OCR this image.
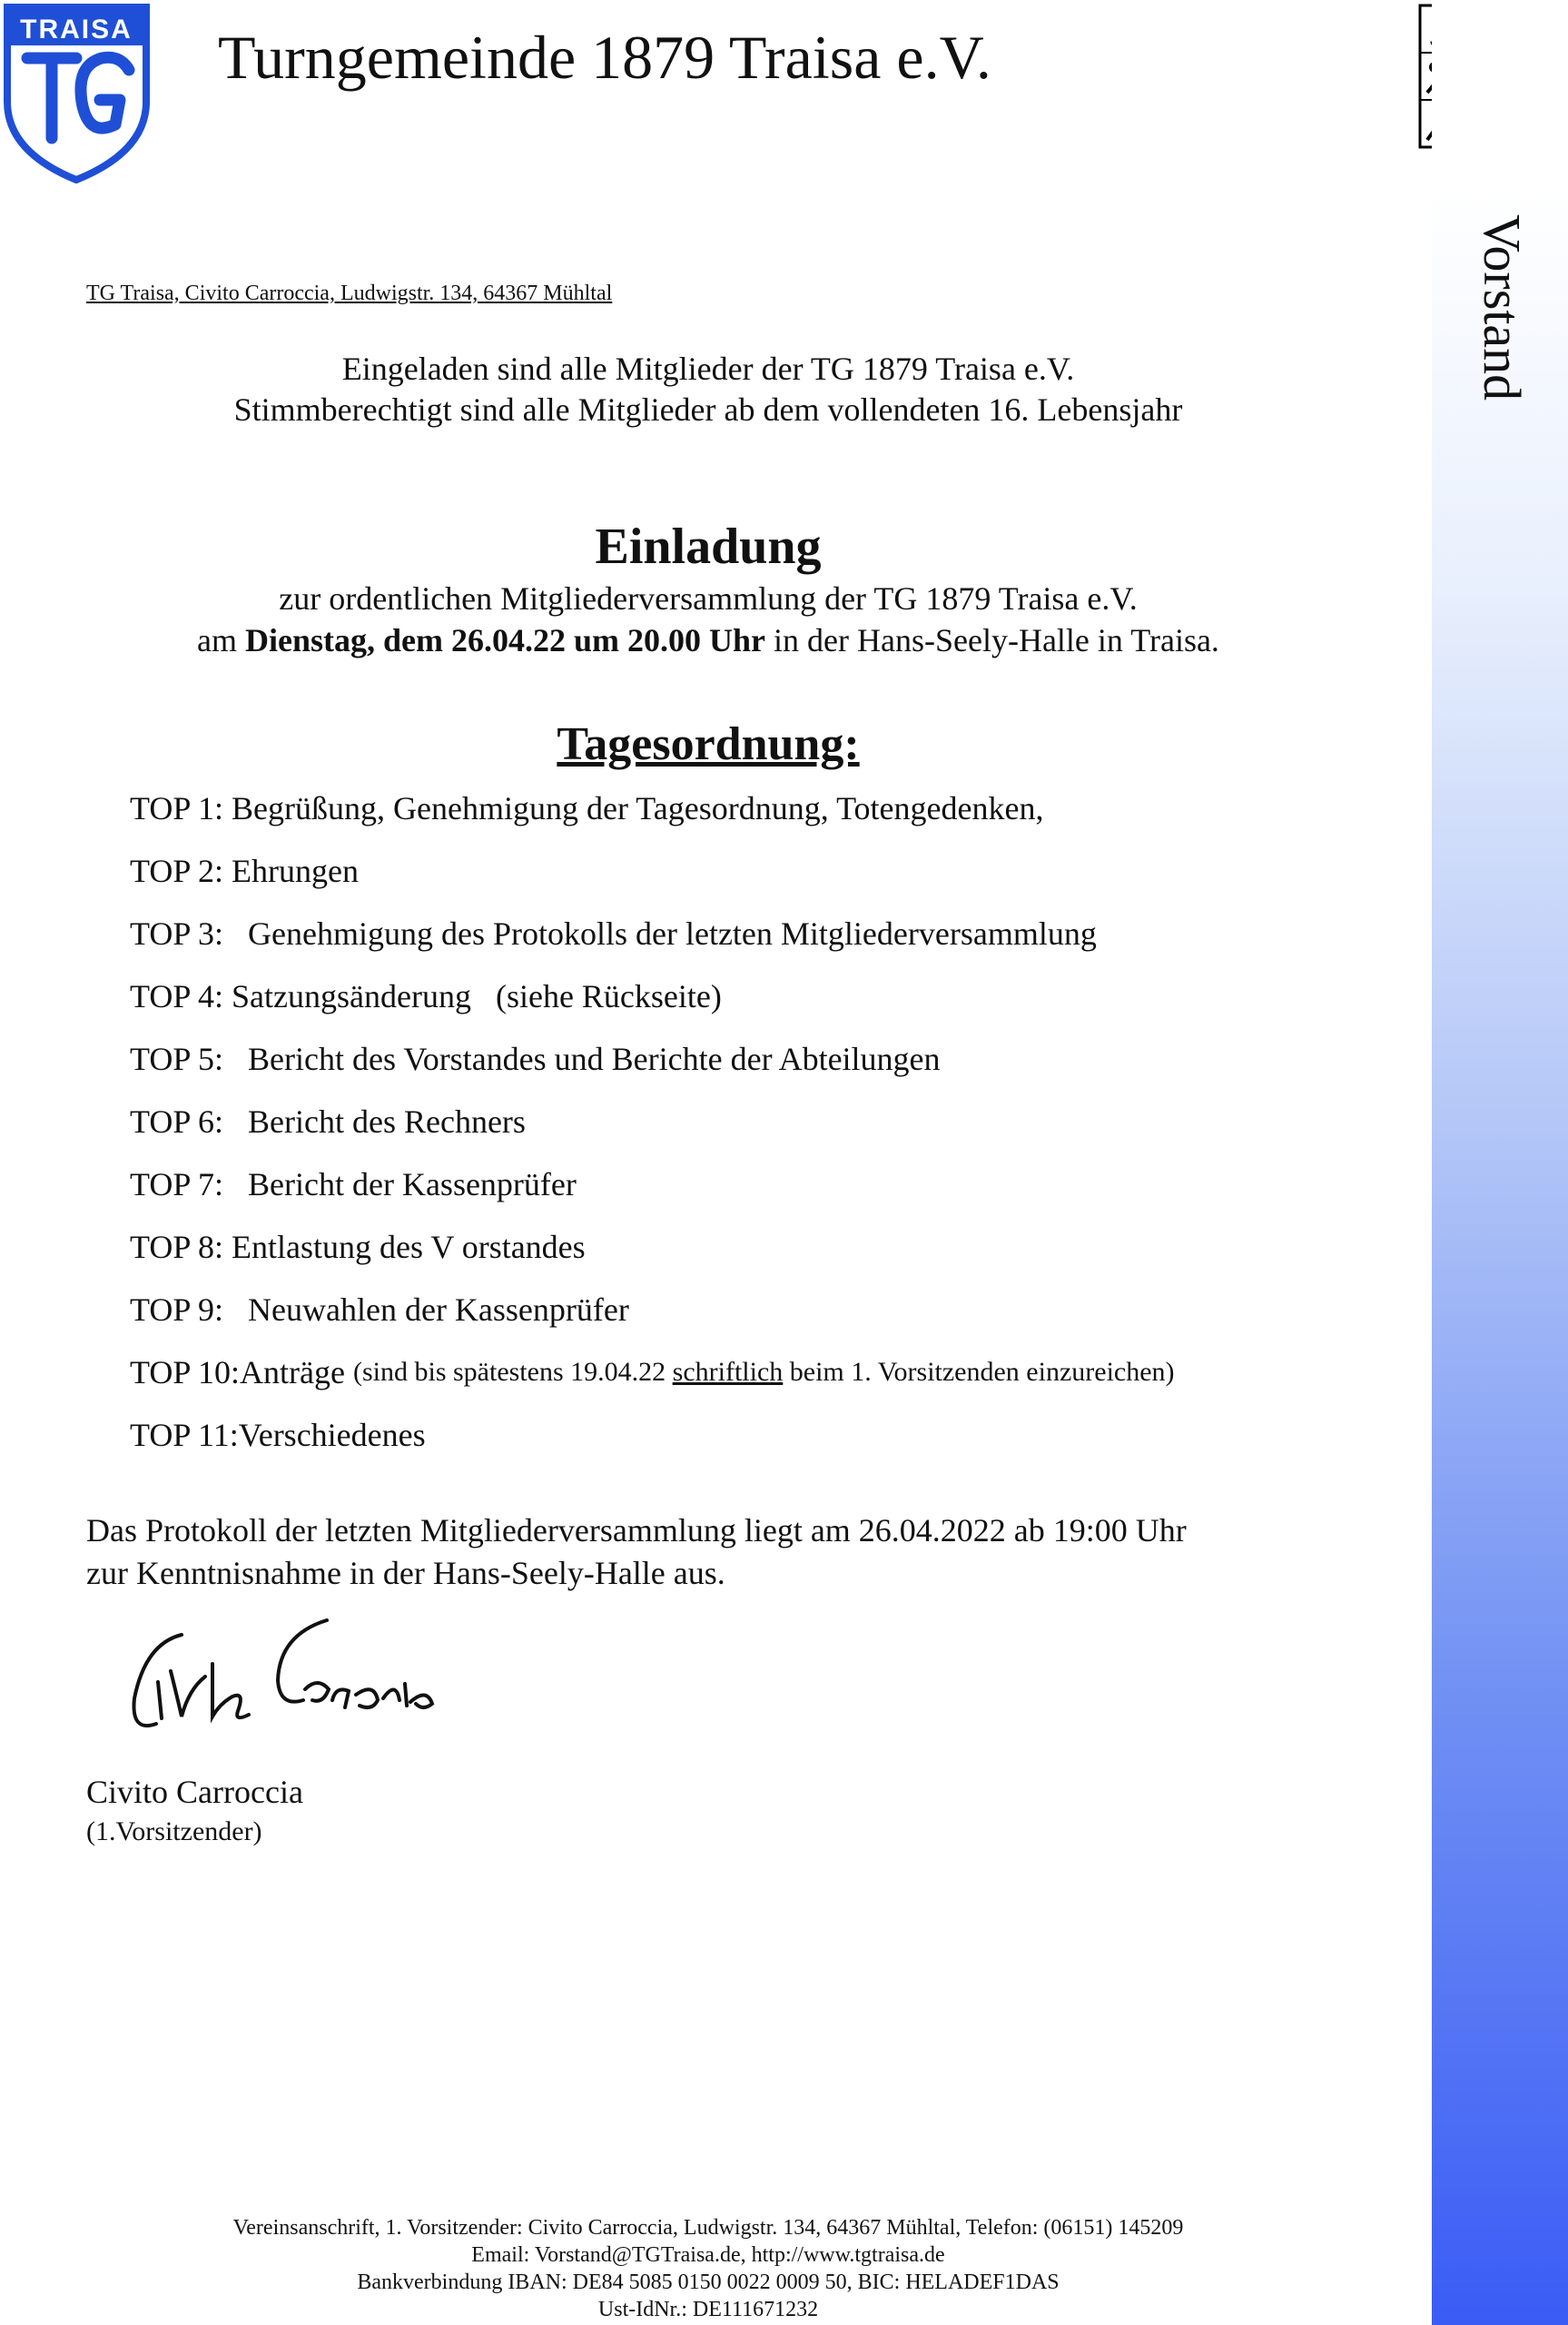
TRAISA Turngemeinde 1879 Traisa e.V.
Vorstand
TG Traisa, Civito Carroccia, Ludwigstr. 134, 64367 Mühltal
Eingeladen sind alle Mitglieder der TG 1879 Traisa e.V.
Stimmberechtigt sind alle Mitglieder ab dem vollendeten 16. Lebensjahr
Einladung
zur ordentlichen Mitgliederversammlung der TG 1879 Traisa e.V.
am Dienstag, dem 26.04.22 um 20.00 Uhr in der Hans-Seely-Halle in Traisa.
Tagesordnung:
TOP 1:
Begrüßung, Genehmigung der Tagesordnung, Totengedenken,
TOP 2:
Ehrungen
TOP 3:
Genehmigung des Protokolls der letzten Mitgliederversammlung
TOP 4:
Satzungsänderung   (siehe Rückseite)
TOP 5:
Bericht des Vorstandes und Berichte der Abteilungen
TOP 6:
Bericht des Rechners
TOP 7:
Bericht der Kassenprüfer
TOP 8:
Entlastung des V orstandes
TOP 9:
Neuwahlen der Kassenprüfer
TOP 10: Anträge
(sind bis spätestens 19.04.22 schriftlich beim 1. Vorsitzenden einzureichen)
TOP 11: Verschiedenes
Das Protokoll der letzten Mitgliederversammlung liegt am 26.04.2022 ab 19:00 Uhr
zur Kenntnisnahme in der Hans-Seely-Halle aus.
Civito Carroccia
(1.Vorsitzender)
Vereinsanschrift, 1. Vorsitzender: Civito Carroccia, Ludwigstr. 134, 64367 Mühltal, Telefon: (06151) 145209
Email: Vorstand@TGTraisa.de, http://www.tgtraisa.de
Bankverbindung IBAN: DE84 5085 0150 0022 0009 50, BIC: HELADEF1DAS
Ust-IdNr.: DE111671232
